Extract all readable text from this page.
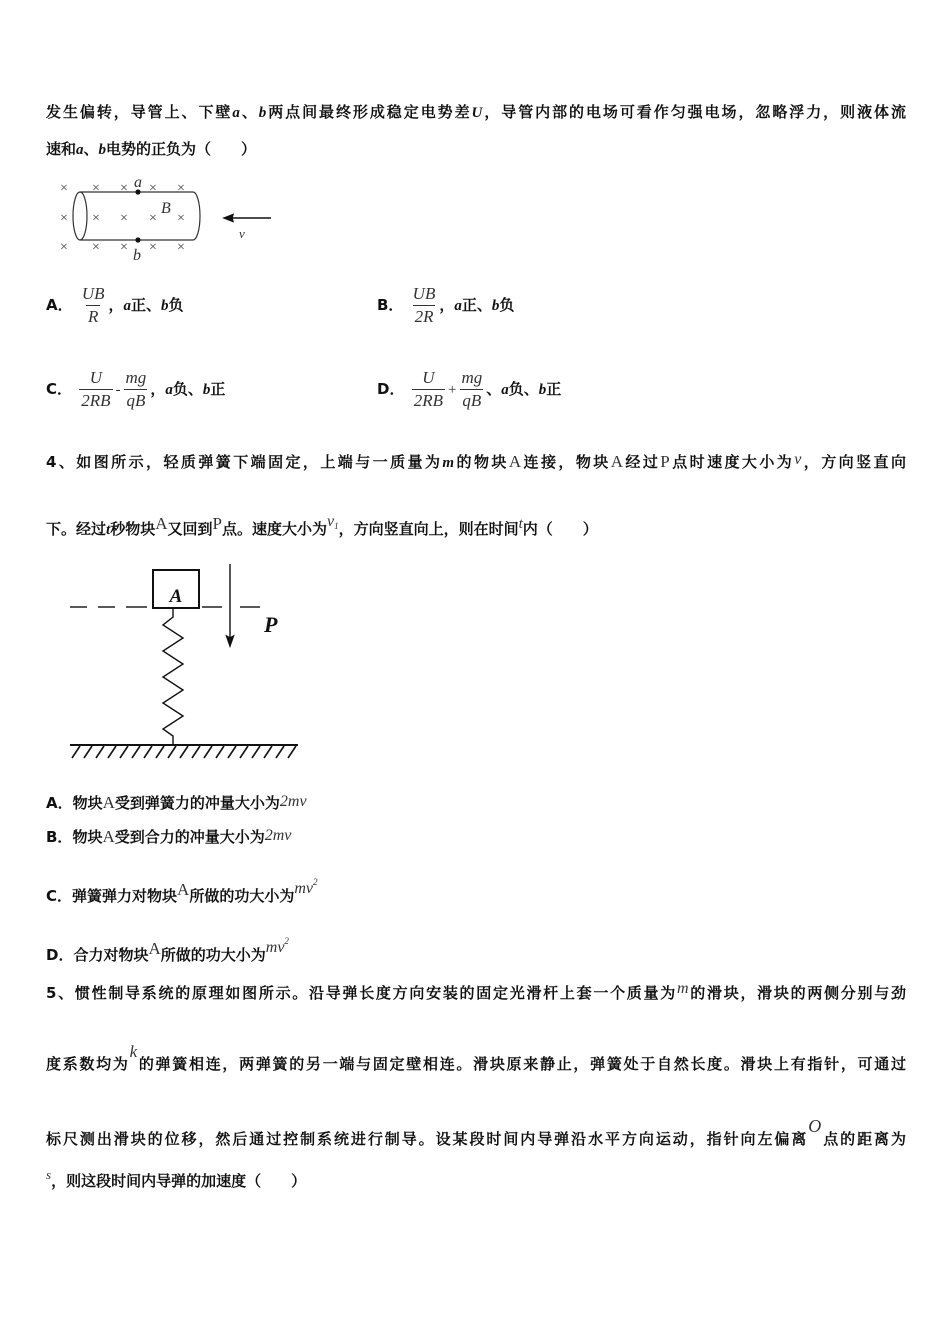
发生偏转，导管上、下壁a、b两点间最终形成稳定电势差U，导管内部的电场可看作匀强电场，忽略浮力，则液体流
速和a、b电势的正负为（　　）
× × × × ×
× × × × ×
× × × × ×
a
b
B
v
A． $\frac{UB}{R}$ ，a正、b负	B． $\frac{UB}{2R}$ ，a正、b负
C． $\frac{U}{2RB} - \frac{mg}{qB}$ ，a负、b正	D． $\frac{U}{2RB} + \frac{mg}{qB}$ 、a负、b正
4、如图所示，轻质弹簧下端固定，上端与一质量为m的物块A连接，物块A经过P点时速度大小为v，方向竖直向
下。经过t秒物块A又回到P点。速度大小为$v^1$，方向竖直向上，则在时间t内（　　）
A
P
A．物块A受到弹簧力的冲量大小为2mv
B．物块A受到合力的冲量大小为2mv
C．弹簧弹力对物块A所做的功大小为$mv^2$
D．合力对物块A所做的功大小为$mv^2$
5、惯性制导系统的原理如图所示。沿导弹长度方向安装的固定光滑杆上套一个质量为m的滑块，滑块的两侧分别与劲
度系数均为k的弹簧相连，两弹簧的另一端与固定壁相连。滑块原来静止，弹簧处于自然长度。滑块上有指针，可通过
标尺测出滑块的位移，然后通过控制系统进行制导。设某段时间内导弹沿水平方向运动，指针向左偏离O点的距离为
s，则这段时间内导弹的加速度（　　）
